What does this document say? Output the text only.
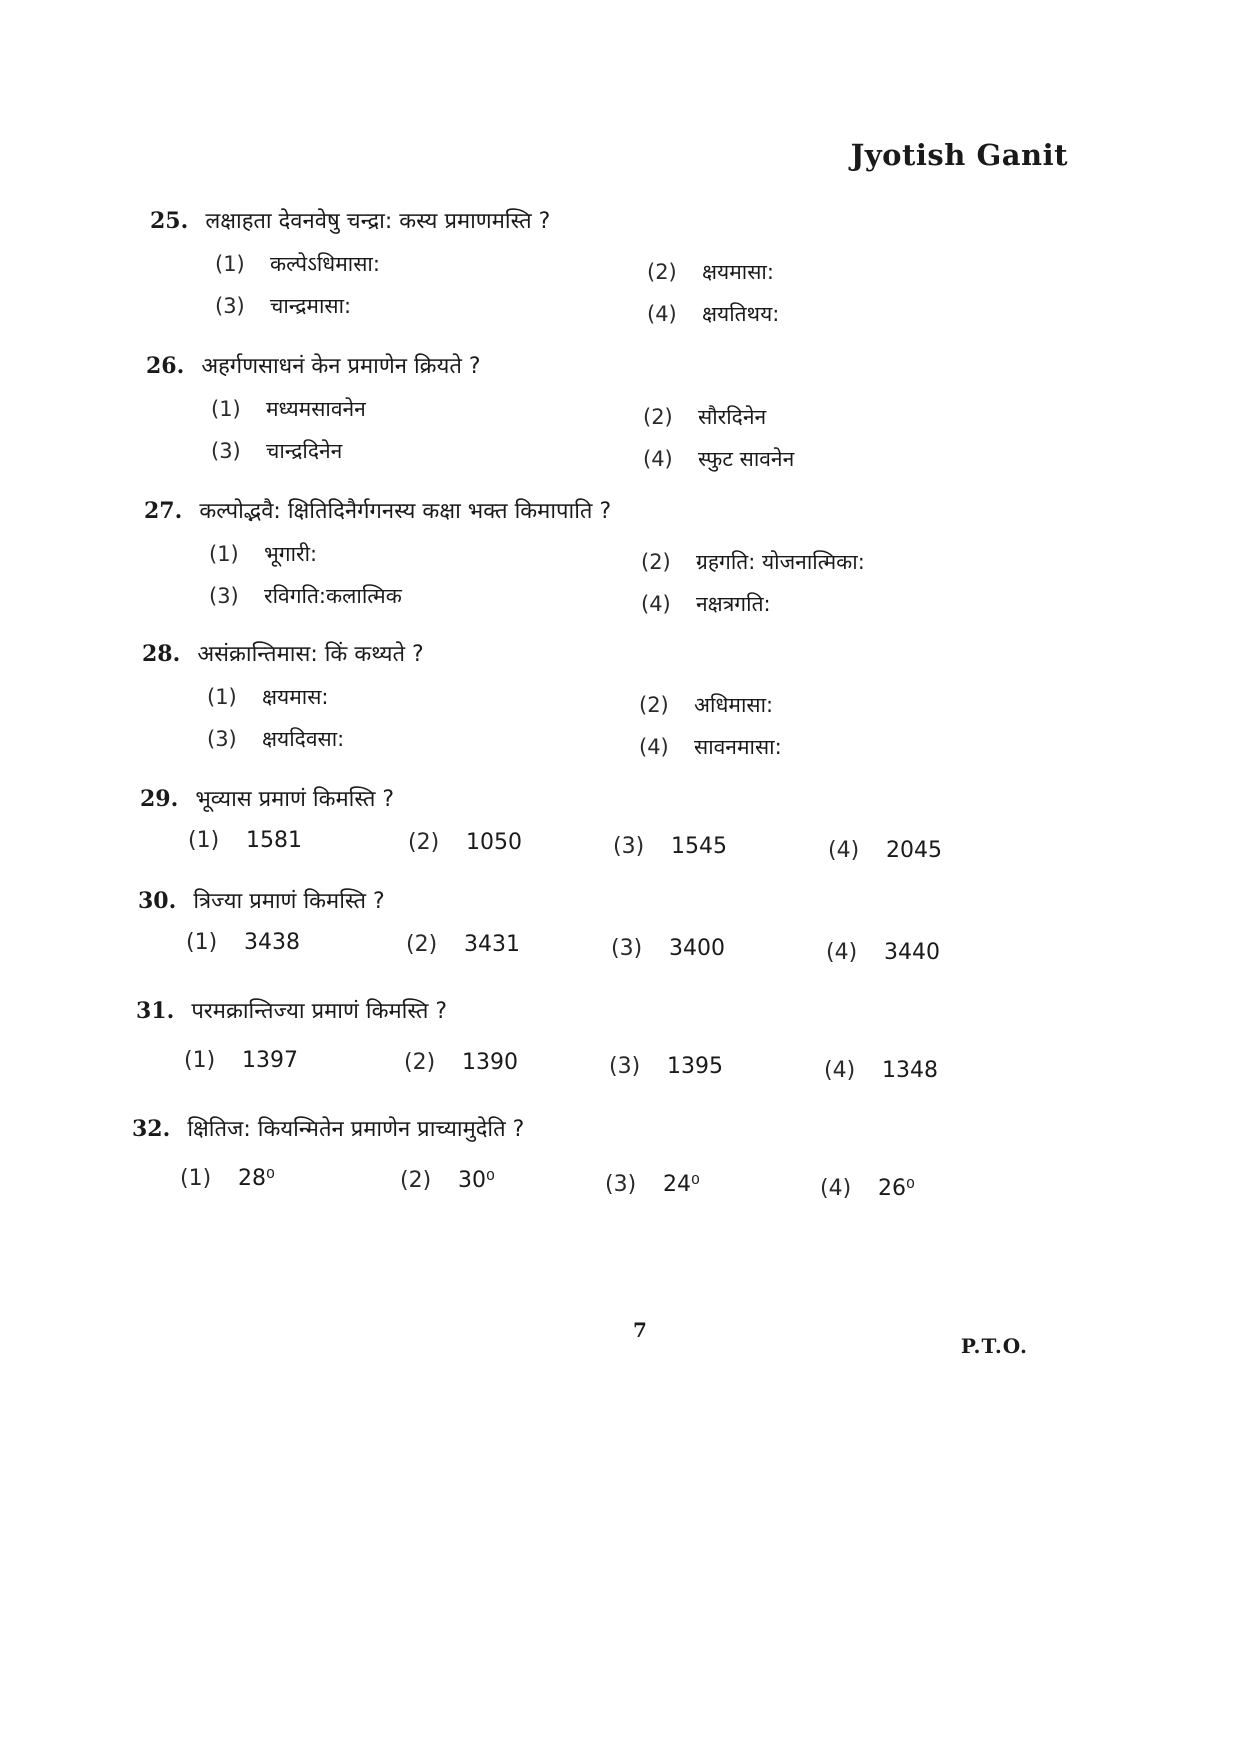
Jyotish Ganit
25. लक्षाहता देवनवेषु चन्द्रा: कस्य प्रमाणमस्ति ?
(1) कल्पेऽधिमासा:	(2) क्षयमासा:
(3) चान्द्रमासा:	(4) क्षयतिथय:
26. अहर्गणसाधनं केन प्रमाणेन क्रियते ?
(1) मध्यमसावनेन	(2) सौरदिनेन
(3) चान्द्रदिनेन	(4) स्फुट सावनेन
27. कल्पोद्भवै: क्षितिदिनैर्गगनस्य कक्षा भक्त किमापाति ?
(1) भूगारी:	(2) ग्रहगति: योजनात्मिका:
(3) रविगति:कलात्मिक	(4) नक्षत्रगति:
28. असंक्रान्तिमास: किं कथ्यते ?
(1) क्षयमास:	(2) अधिमासा:
(3) क्षयदिवसा:	(4) सावनमासा:
29. भूव्यास प्रमाणं किमस्ति ?
(1) 1581	(2) 1050	(3) 1545	(4) 2045
30. त्रिज्या प्रमाणं किमस्ति ?
(1) 3438	(2) 3431	(3) 3400	(4) 3440
31. परमक्रान्तिज्या प्रमाणं किमस्ति ?
(1) 1397	(2) 1390	(3) 1395	(4) 1348
32. क्षितिज: कियन्मितेन प्रमाणेन प्राच्यामुदेति ?
(1) 28⁰	(2) 30⁰	(3) 24⁰	(4) 26⁰
7
P.T.O.
